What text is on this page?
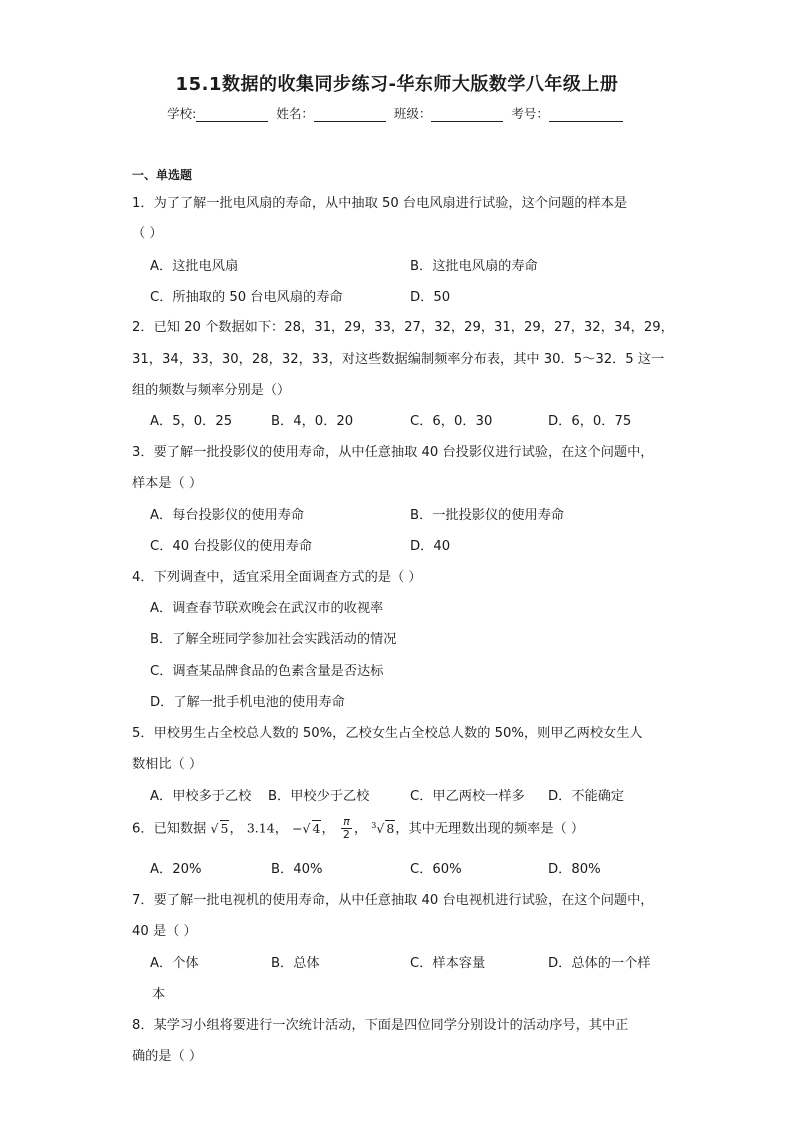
15.1数据的收集同步练习-华东师大版数学八年级上册
学校:	姓名：	班级：	考号：
一、单选题
1．为了了解一批电风扇的寿命，从中抽取 50 台电风扇进行试验，这个问题的样本是
（ ）
A．这批电风扇	B．这批电风扇的寿命
C．所抽取的 50 台电风扇的寿命	D．50
2．已知 20 个数据如下：28，31，29，33，27，32，29，31，29，27，32，34，29，
31，34，33，30，28，32，33，对这些数据编制频率分布表，其中 30．5～32．5 这一
组的频数与频率分别是（）
A．5，0．25	B．4，0．20	C．6，0．30	D．6，0．75
3．要了解一批投影仪的使用寿命，从中任意抽取 40 台投影仪进行试验，在这个问题中，
样本是（ ）
A．每台投影仪的使用寿命	B．一批投影仪的使用寿命
C．40 台投影仪的使用寿命	D．40
4．下列调查中，适宜采用全面调查方式的是（ ）
A．调查春节联欢晚会在武汉市的收视率
B．了解全班同学参加社会实践活动的情况
C．调查某品牌食品的色素含量是否达标
D．了解一批手机电池的使用寿命
5．甲校男生占全校总人数的 50%，乙校女生占全校总人数的 50%，则甲乙两校女生人
数相比（ ）
A．甲校多于乙校 B．甲校少于乙校	C．甲乙两校一样多 D．不能确定
6．已知数据 √ 5， 3.14， −√ 4， $\frac{\pi}{2}$ ， $^3$√ 8，其中无理数出现的频率是（ ）
A．20%	B．40%	C．60%	D．80%
7．要了解一批电视机的使用寿命，从中任意抽取 40 台电视机进行试验，在这个问题中，
40 是（ ）
A．个体	B．总体	C．样本容量	D．总体的一个样
本
8．某学习小组将要进行一次统计活动，下面是四位同学分别设计的活动序号，其中正
确的是（ ）
